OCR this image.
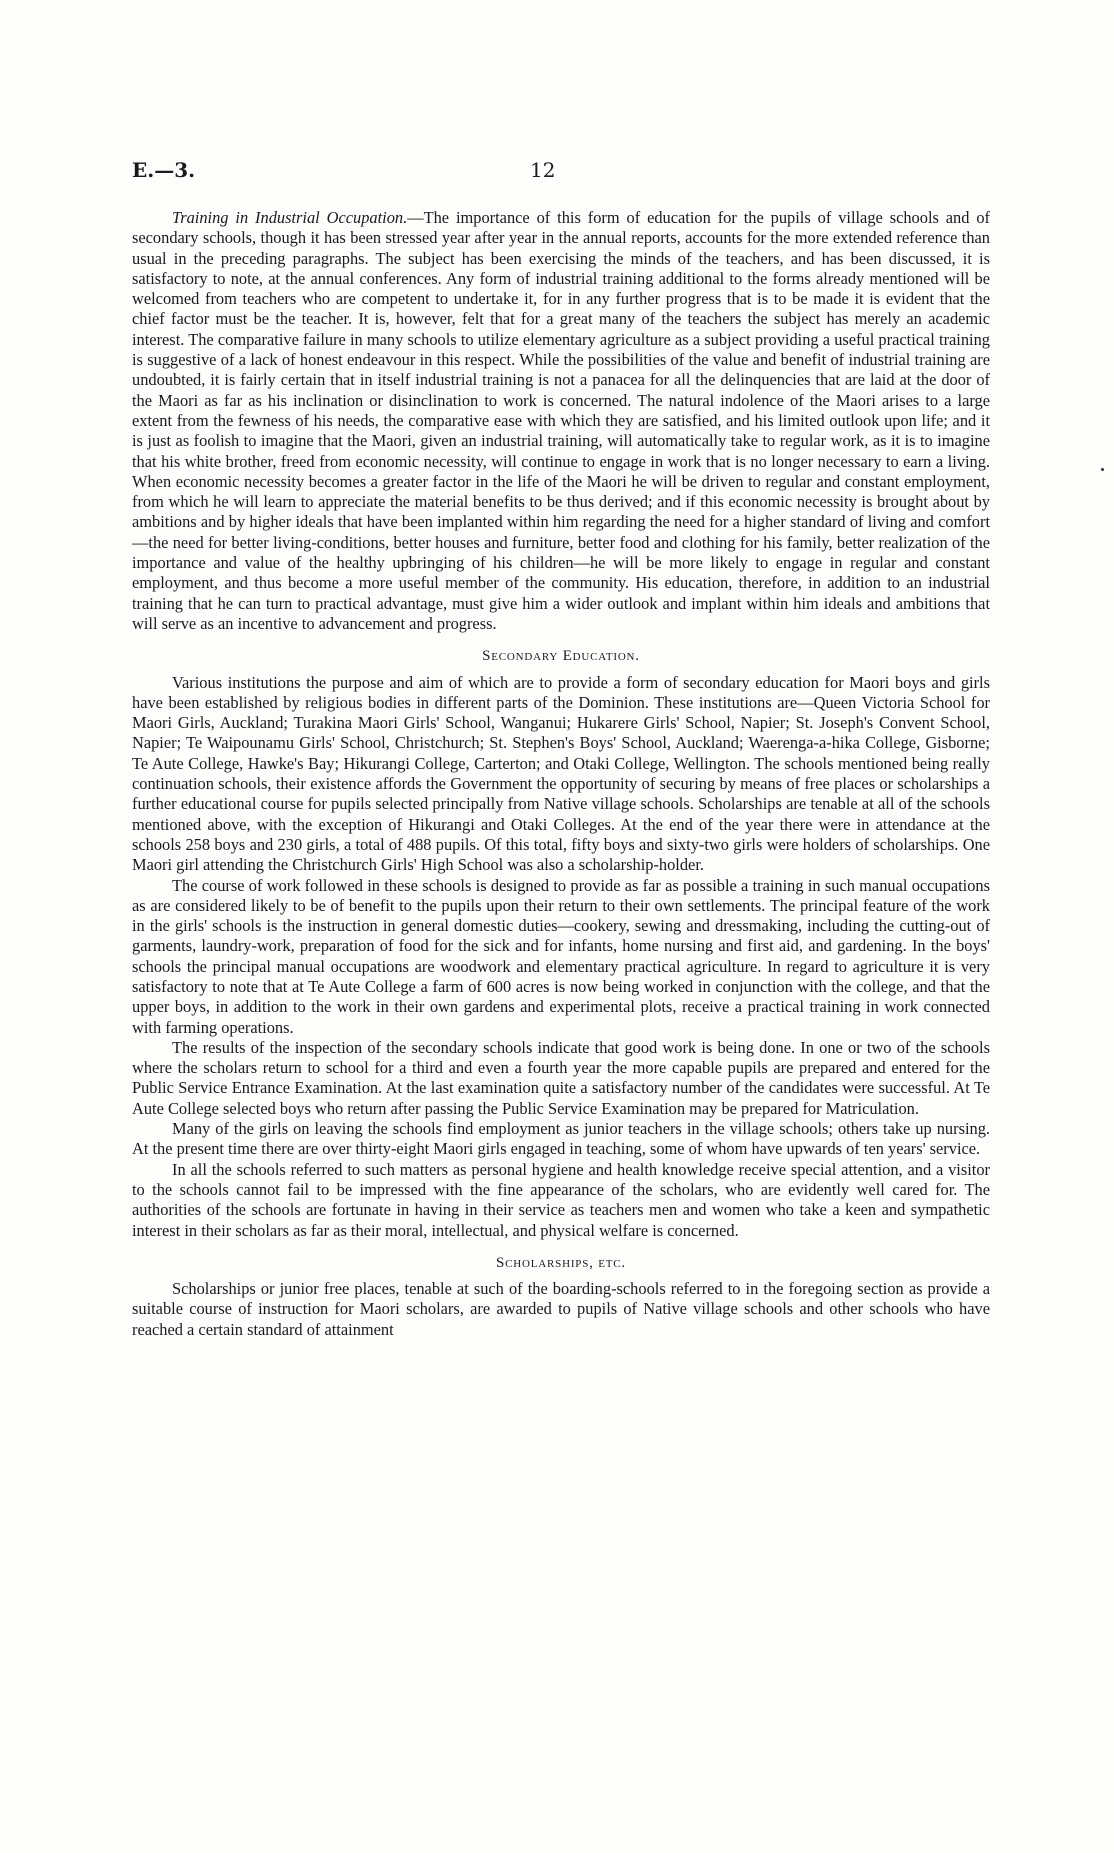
E.—3.	12

Training in Industrial Occupation.—The importance of this form of education for the pupils of village schools and of secondary schools, though it has been stressed year after year in the annual reports, accounts for the more extended reference than usual in the preceding paragraphs. The subject has been exercising the minds of the teachers, and has been discussed, it is satisfactory to note, at the annual conferences. Any form of industrial training additional to the forms already mentioned will be welcomed from teachers who are competent to undertake it, for in any further progress that is to be made it is evident that the chief factor must be the teacher. It is, however, felt that for a great many of the teachers the subject has merely an academic interest. The comparative failure in many schools to utilize elementary agriculture as a subject providing a useful practical training is suggestive of a lack of honest endeavour in this respect. While the possibilities of the value and benefit of industrial training are undoubted, it is fairly certain that in itself industrial training is not a panacea for all the delinquencies that are laid at the door of the Maori as far as his inclination or disinclination to work is concerned. The natural indolence of the Maori arises to a large extent from the fewness of his needs, the comparative ease with which they are satisfied, and his limited outlook upon life; and it is just as foolish to imagine that the Maori, given an industrial training, will automatically take to regular work, as it is to imagine that his white brother, freed from economic necessity, will continue to engage in work that is no longer necessary to earn a living. When economic necessity becomes a greater factor in the life of the Maori he will be driven to regular and constant employment, from which he will learn to appreciate the material benefits to be thus derived; and if this economic necessity is brought about by ambitions and by higher ideals that have been implanted within him regarding the need for a higher standard of living and comfort—the need for better living-conditions, better houses and furniture, better food and clothing for his family, better realization of the importance and value of the healthy upbringing of his children—he will be more likely to engage in regular and constant employment, and thus become a more useful member of the community. His education, therefore, in addition to an industrial training that he can turn to practical advantage, must give him a wider outlook and implant within him ideals and ambitions that will serve as an incentive to advancement and progress.

Secondary Education.

Various institutions the purpose and aim of which are to provide a form of secondary education for Maori boys and girls have been established by religious bodies in different parts of the Dominion. These institutions are—Queen Victoria School for Maori Girls, Auckland; Turakina Maori Girls' School, Wanganui; Hukarere Girls' School, Napier; St. Joseph's Convent School, Napier; Te Waipounamu Girls' School, Christchurch; St. Stephen's Boys' School, Auckland; Waerenga-a-hika College, Gisborne; Te Aute College, Hawke's Bay; Hikurangi College, Carterton; and Otaki College, Wellington. The schools mentioned being really continuation schools, their existence affords the Government the opportunity of securing by means of free places or scholarships a further educational course for pupils selected principally from Native village schools. Scholarships are tenable at all of the schools mentioned above, with the exception of Hikurangi and Otaki Colleges. At the end of the year there were in attendance at the schools 258 boys and 230 girls, a total of 488 pupils. Of this total, fifty boys and sixty-two girls were holders of scholarships. One Maori girl attending the Christchurch Girls' High School was also a scholarship-holder.

The course of work followed in these schools is designed to provide as far as possible a training in such manual occupations as are considered likely to be of benefit to the pupils upon their return to their own settlements. The principal feature of the work in the girls' schools is the instruction in general domestic duties—cookery, sewing and dressmaking, including the cutting-out of garments, laundry-work, preparation of food for the sick and for infants, home nursing and first aid, and gardening. In the boys' schools the principal manual occupations are woodwork and elementary practical agriculture. In regard to agriculture it is very satisfactory to note that at Te Aute College a farm of 600 acres is now being worked in conjunction with the college, and that the upper boys, in addition to the work in their own gardens and experimental plots, receive a practical training in work connected with farming operations.

The results of the inspection of the secondary schools indicate that good work is being done. In one or two of the schools where the scholars return to school for a third and even a fourth year the more capable pupils are prepared and entered for the Public Service Entrance Examination. At the last examination quite a satisfactory number of the candidates were successful. At Te Aute College selected boys who return after passing the Public Service Examination may be prepared for Matriculation.

Many of the girls on leaving the schools find employment as junior teachers in the village schools; others take up nursing. At the present time there are over thirty-eight Maori girls engaged in teaching, some of whom have upwards of ten years' service.

In all the schools referred to such matters as personal hygiene and health knowledge receive special attention, and a visitor to the schools cannot fail to be impressed with the fine appearance of the scholars, who are evidently well cared for. The authorities of the schools are fortunate in having in their service as teachers men and women who take a keen and sympathetic interest in their scholars as far as their moral, intellectual, and physical welfare is concerned.

Scholarships, etc.

Scholarships or junior free places, tenable at such of the boarding-schools referred to in the foregoing section as provide a suitable course of instruction for Maori scholars, are awarded to pupils of Native village schools and other schools who have reached a certain standard of attainment
